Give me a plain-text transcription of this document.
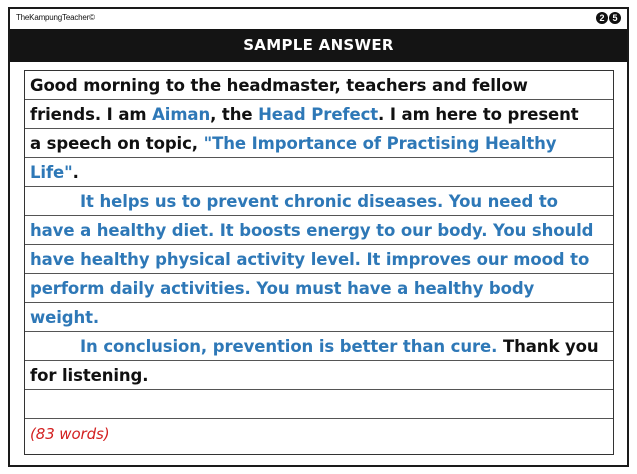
TheKampungTeacher©	2 5
SAMPLE ANSWER
Good morning to the headmaster, teachers and fellow
friends. I am Aiman, the Head Prefect. I am here to present
a speech on topic, "The Importance of Practising Healthy
Life".
It helps us to prevent chronic diseases. You need to
have a healthy diet. It boosts energy to our body. You should
have healthy physical activity level. It improves our mood to
perform daily activities. You must have a healthy body
weight.
In conclusion, prevention is better than cure. Thank you
for listening.
(83 words)
